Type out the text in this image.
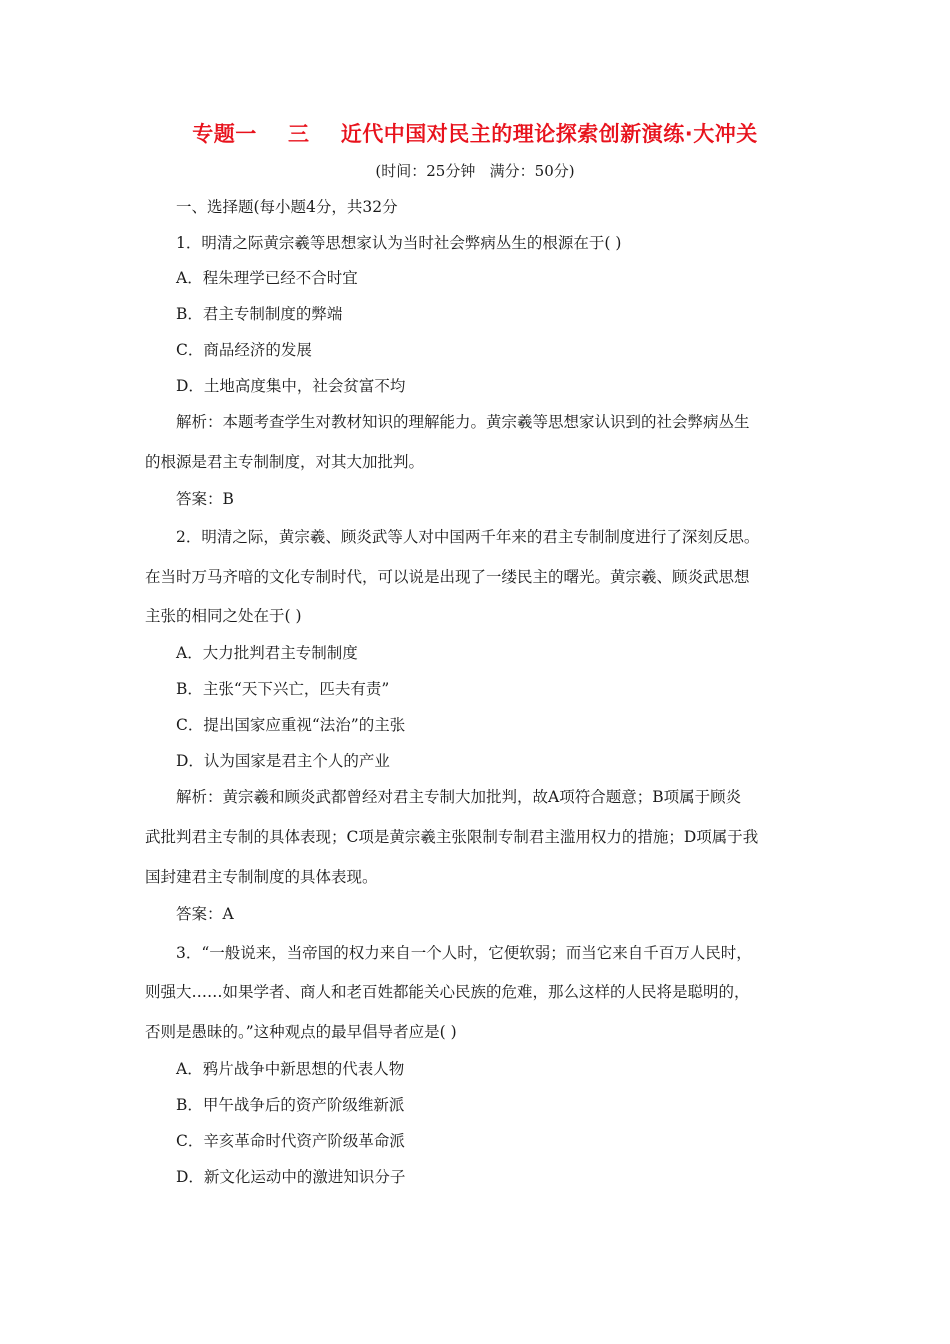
专题一    三    近代中国对民主的理论探索创新演练·大冲关
(时间：25分钟   满分：50分)
一、选择题(每小题4分，共32分
1．明清之际黄宗羲等思想家认为当时社会弊病丛生的根源在于( )
A．程朱理学已经不合时宜
B．君主专制制度的弊端
C．商品经济的发展
D．土地高度集中，社会贫富不均
解析：本题考查学生对教材知识的理解能力。黄宗羲等思想家认识到的社会弊病丛生
的根源是君主专制制度，对其大加批判。
答案：B
2．明清之际，黄宗羲、顾炎武等人对中国两千年来的君主专制制度进行了深刻反思。
在当时万马齐喑的文化专制时代，可以说是出现了一缕民主的曙光。黄宗羲、顾炎武思想
主张的相同之处在于( )
A．大力批判君主专制制度
B．主张“天下兴亡，匹夫有责”
C．提出国家应重视“法治”的主张
D．认为国家是君主个人的产业
解析：黄宗羲和顾炎武都曾经对君主专制大加批判，故A项符合题意；B项属于顾炎
武批判君主专制的具体表现；C项是黄宗羲主张限制专制君主滥用权力的措施；D项属于我
国封建君主专制制度的具体表现。
答案：A
3．“一般说来，当帝国的权力来自一个人时，它便软弱；而当它来自千百万人民时，
则强大……如果学者、商人和老百姓都能关心民族的危难，那么这样的人民将是聪明的，
否则是愚昧的。”这种观点的最早倡导者应是( )
A．鸦片战争中新思想的代表人物
B．甲午战争后的资产阶级维新派
C．辛亥革命时代资产阶级革命派
D．新文化运动中的激进知识分子
